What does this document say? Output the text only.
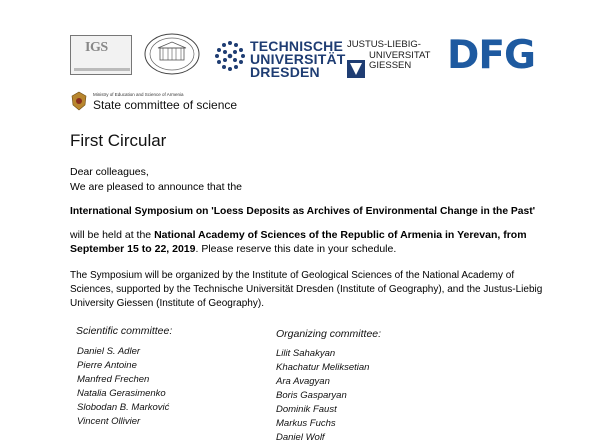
IGS	TECHNISCHE
UNIVERSITÄT
DRESDEN
JUSTUS-LIEBIG-
UNIVERSITAT
GIESSEN DFG
Ministry of Education and Science of Armenia
State committee of science
First Circular
Dear colleagues,
We are pleased to announce that the
International Symposium on 'Loess Deposits as Archives of Environmental Change in the Past'
will be held at the National Academy of Sciences of the Republic of Armenia in Yerevan, from
September 15 to 22, 2019. Please reserve this date in your schedule.
The Symposium will be organized by the Institute of Geological Sciences of the National Academy of
Sciences, supported by the Technische Universität Dresden (Institute of Geography), and the Justus-Liebig
University Giessen (Institute of Geography).
Scientific committee:
Daniel S. Adler
Pierre Antoine
Manfred Frechen
Natalia Gerasimenko
Slobodan B. Marković
Vincent Ollivier
Organizing committee:
Lilit Sahakyan
Khachatur Meliksetian
Ara Avagyan
Boris Gasparyan
Dominik Faust
Markus Fuchs
Daniel Wolf
